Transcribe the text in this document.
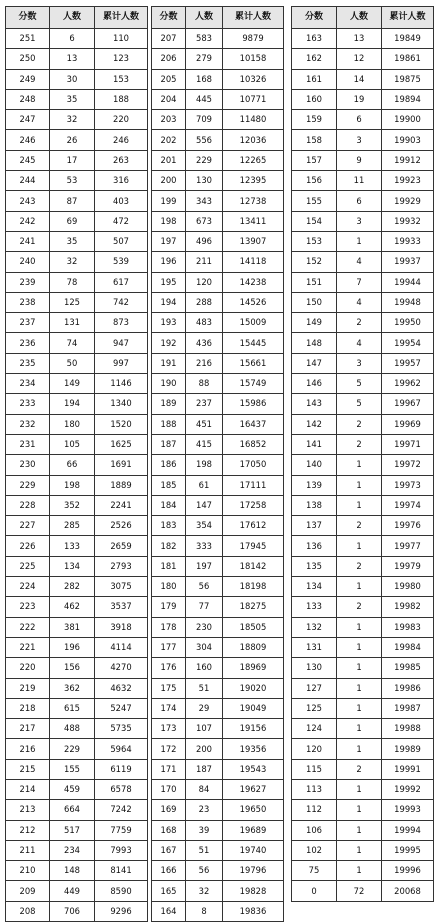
分数	人数	累计人数
251	6	110
250	13	123
249	30	153
248	35	188
247	32	220
246	26	246
245	17	263
244	53	316
243	87	403
242	69	472
241	35	507
240	32	539
239	78	617
238	125	742
237	131	873
236	74	947
235	50	997
234	149	1146
233	194	1340
232	180	1520
231	105	1625
230	66	1691
229	198	1889
228	352	2241
227	285	2526
226	133	2659
225	134	2793
224	282	3075
223	462	3537
222	381	3918
221	196	4114
220	156	4270
219	362	4632
218	615	5247
217	488	5735
216	229	5964
215	155	6119
214	459	6578
213	664	7242
212	517	7759
211	234	7993
210	148	8141
209	449	8590
208	706	9296
分数	人数	累计人数
207	583	9879
206	279	10158
205	168	10326
204	445	10771
203	709	11480
202	556	12036
201	229	12265
200	130	12395
199	343	12738
198	673	13411
197	496	13907
196	211	14118
195	120	14238
194	288	14526
193	483	15009
192	436	15445
191	216	15661
190	88	15749
189	237	15986
188	451	16437
187	415	16852
186	198	17050
185	61	17111
184	147	17258
183	354	17612
182	333	17945
181	197	18142
180	56	18198
179	77	18275
178	230	18505
177	304	18809
176	160	18969
175	51	19020
174	29	19049
173	107	19156
172	200	19356
171	187	19543
170	84	19627
169	23	19650
168	39	19689
167	51	19740
166	56	19796
165	32	19828
164	8	19836
分数	人数	累计人数
163	13	19849
162	12	19861
161	14	19875
160	19	19894
159	6	19900
158	3	19903
157	9	19912
156	11	19923
155	6	19929
154	3	19932
153	1	19933
152	4	19937
151	7	19944
150	4	19948
149	2	19950
148	4	19954
147	3	19957
146	5	19962
143	5	19967
142	2	19969
141	2	19971
140	1	19972
139	1	19973
138	1	19974
137	2	19976
136	1	19977
135	2	19979
134	1	19980
133	2	19982
132	1	19983
131	1	19984
130	1	19985
127	1	19986
125	1	19987
124	1	19988
120	1	19989
115	2	19991
113	1	19992
112	1	19993
106	1	19994
102	1	19995
75	1	19996
0	72	20068
